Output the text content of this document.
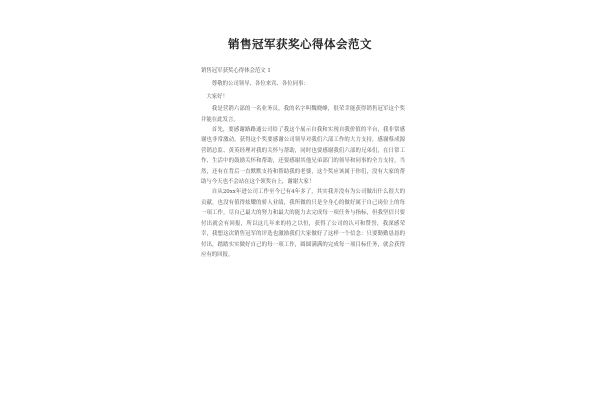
销售冠军获奖心得体会范文

销售冠军获奖心得体会范文 1

尊敬的公司领导、各位来宾、各位同事：

大家好！

我是营销六部的一名业务员，我的名字叫魏晓峰，很荣幸能获得销售冠军这个奖并能在此发言。

首先，要感谢路路通公司给了我这个展示自我和实现自我价值的平台，我非常感谢也非常激动，获得这个奖要感谢公司领导对我们六部工作的大力支持，感谢蔡成源营销总监、黄英经理对我的关怀与帮助，同时也要感谢我们六部的兄弟们，在日常工作、生活中的鼓励关怀和帮助，还要感谢其他兄弟部门的领导和同事的全力支持，当然，还有在背后一直默默支持和帮助我的老婆，这个奖应该属于你们，没有大家的帮助与今天也不会站在这个领奖台上，谢谢大家！

自从20xx年进公司工作至今已有4年多了，其实我并没有为公司做出什么很大的贡献，也没有值得炫耀的骄人业绩，我所做的只是全身心的做好属于自己岗位上的每一项工作，尽自己最大的努力和最大的能力去完成每一项任务与指标，但我坚信只要付出就会有回报，所以这几年来的持之以恒，获得了公司的认可和赞誉，我深感荣幸，我想这次销售冠军的评选也激励我们大家做好了这样一个信念：只要勤勤恳恳的付出，踏踏实实做好自己的每一项工作，圆圆满满的完成每一项目标任务，就会获得应有的回报。
